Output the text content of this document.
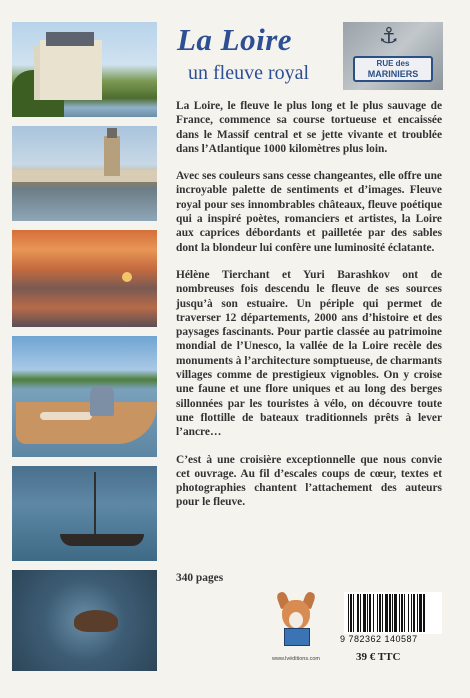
La Loire
un fleuve royal
⚓
RUE des
MARINIERS

La Loire, le fleuve le plus long et le plus sauvage de France, commence sa course tortueuse et encaissée dans le Massif central et se jette vivante et troublée dans l’Atlantique 1000 kilomètres plus loin.

Avec ses couleurs sans cesse changeantes, elle offre une incroyable palette de sentiments et d’images. Fleuve royal pour ses innombrables châteaux, fleuve poétique qui a inspiré poètes, romanciers et artistes, la Loire aux caprices débordants et pailletée par des sables dont la blondeur lui confère une luminosité éclatante.

Hélène Tierchant et Yuri Barashkov ont de nombreuses fois descendu le fleuve de ses sources jusqu’à son estuaire. Un périple qui permet de traverser 12 départements, 2000 ans d’histoire et des paysages fascinants. Pour partie classée au patrimoine mondial de l’Unesco, la vallée de la Loire recèle des monuments à l’architecture somptueuse, de charmants villages comme de prestigieux vignobles. On y croise une faune et une flore uniques et au long des berges sillonnées par les touristes à vélo, on découvre toute une flottille de bateaux traditionnels prêts à lever l’ancre…

C’est à une croisière exceptionnelle que nous convie cet ouvrage. Au fil d’escales coups de cœur, textes et photographies chantent l’attachement des auteurs pour le fleuve.

340 pages
www.lvéditions.com
9 782362 140587
39 € TTC
